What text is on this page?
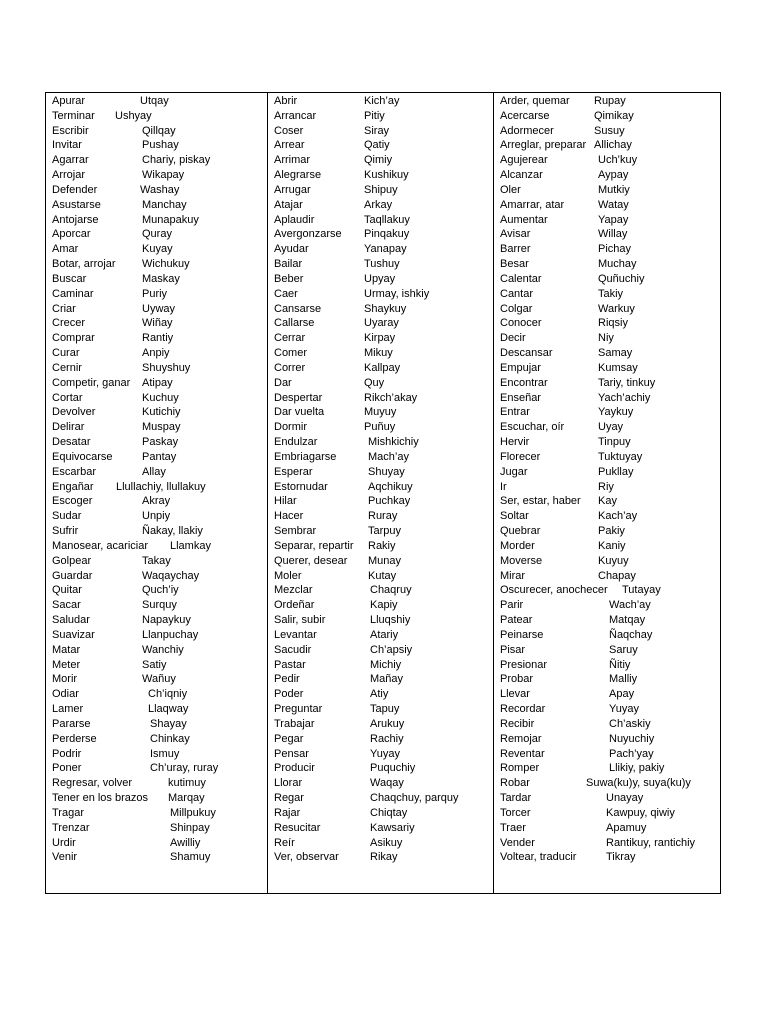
Apurar	Utqay
Terminar Ushyay
Escribir	Qillqay
Invitar	Pushay
Agarrar	Chariy, piskay
Arrojar	Wikapay
Defender	Washay
Asustarse	Manchay
Antojarse	Munapakuy
Aporcar	Quray
Amar	Kuyay
Botar, arrojar Wichukuy
Buscar	Maskay
Caminar	Puriy
Criar	Uyway
Crecer	Wiñay
Comprar	Rantiy
Curar	Anpiy
Cernir	Shuyshuy
Competir, ganar Atipay
Cortar	Kuchuy
Devolver	Kutichiy
Delirar	Muspay
Desatar	Paskay
Equivocarse	Pantay
Escarbar	Allay
Engañar Llullachiy, llullakuy
Escoger	Akray
Sudar	Unpiy
Sufrir	Ñakay, llakiy
Manosear, acariciar Llamkay
Golpear	Takay
Guardar	Waqaychay
Quitar	Quch’iy
Sacar	Surquy
Saludar	Napaykuy
Suavizar	Llanpuchay
Matar	Wanchiy
Meter	Satiy
Morir	Wañuy
Odiar	Ch’iqniy
Lamer	Llaqway
Pararse	Shayay
Perderse	Chinkay
Podrir	Ismuy
Poner	Ch’uray, ruray
Regresar, volver	kutimuy
Tener en los brazos Marqay
Tragar	Millpukuy
Trenzar	Shinpay
Urdir	Awilliy
Venir	Shamuy
Abrir	Kich’ay
Arrancar	Pitiy
Coser	Siray
Arrear	Qatiy
Arrimar	Qimiy
Alegrarse	Kushikuy
Arrugar	Shipuy
Atajar	Arkay
Aplaudir	Taqllakuy
Avergonzarse Pinqakuy
Ayudar	Yanapay
Bailar	Tushuy
Beber	Upyay
Caer	Urmay, ishkiy
Cansarse	Shaykuy
Callarse	Uyaray
Cerrar	Kirpay
Comer	Mikuy
Correr	Kallpay
Dar	Quy
Despertar	Rikch’akay
Dar vuelta	Muyuy
Dormir	Puñuy
Endulzar	Mishkichiy
Embriagarse	Mach’ay
Esperar	Shuyay
Estornudar	Aqchikuy
Hilar	Puchkay
Hacer	Ruray
Sembrar	Tarpuy
Separar, repartir Rakiy
Querer, desear Munay
Moler	Kutay
Mezclar	Chaqruy
Ordeñar	Kapiy
Salir, subir	Lluqshiy
Levantar	Atariy
Sacudir	Ch’apsiy
Pastar	Michiy
Pedir	Mañay
Poder	Atiy
Preguntar	Tapuy
Trabajar	Arukuy
Pegar	Rachiy
Pensar	Yuyay
Producir	Puquchiy
Llorar	Waqay
Regar	Chaqchuy, parquy
Rajar	Chiqtay
Resucitar	Kawsariy
Reír	Asikuy
Ver, observar	Rikay
Arder, quemar Rupay
Acercarse	Qimikay
Adormecer	Susuy
Arreglar, preparar Allichay
Agujerear	Uch’kuy
Alcanzar	Aypay
Oler	Mutkiy
Amarrar, atar	Watay
Aumentar	Yapay
Avisar	Willay
Barrer	Pichay
Besar	Muchay
Calentar	Quñuchiy
Cantar	Takiy
Colgar	Warkuy
Conocer	Riqsiy
Decir	Niy
Descansar	Samay
Empujar	Kumsay
Encontrar	Tariy, tinkuy
Enseñar	Yach’achiy
Entrar	Yaykuy
Escuchar, oír	Uyay
Hervir	Tinpuy
Florecer	Tuktuyay
Jugar	Pukllay
Ir	Riy
Ser, estar, haber Kay
Soltar	Kach’ay
Quebrar	Pakiy
Morder	Kaniy
Moverse	Kuyuy
Mirar	Chapay
Oscurecer, anochecer Tutayay
Parir	Wach’ay
Patear	Matqay
Peinarse	Ñaqchay
Pisar	Saruy
Presionar	Ñitiy
Probar	Malliy
Llevar	Apay
Recordar	Yuyay
Recibir	Ch’askiy
Remojar	Nuyuchiy
Reventar	Pach’yay
Romper	Llikiy, pakiy
Robar	Suwa(ku)y, suya(ku)y
Tardar	Unayay
Torcer	Kawpuy, qiwiy
Traer	Apamuy
Vender	Rantikuy, rantichiy
Voltear, traducir	Tikray
